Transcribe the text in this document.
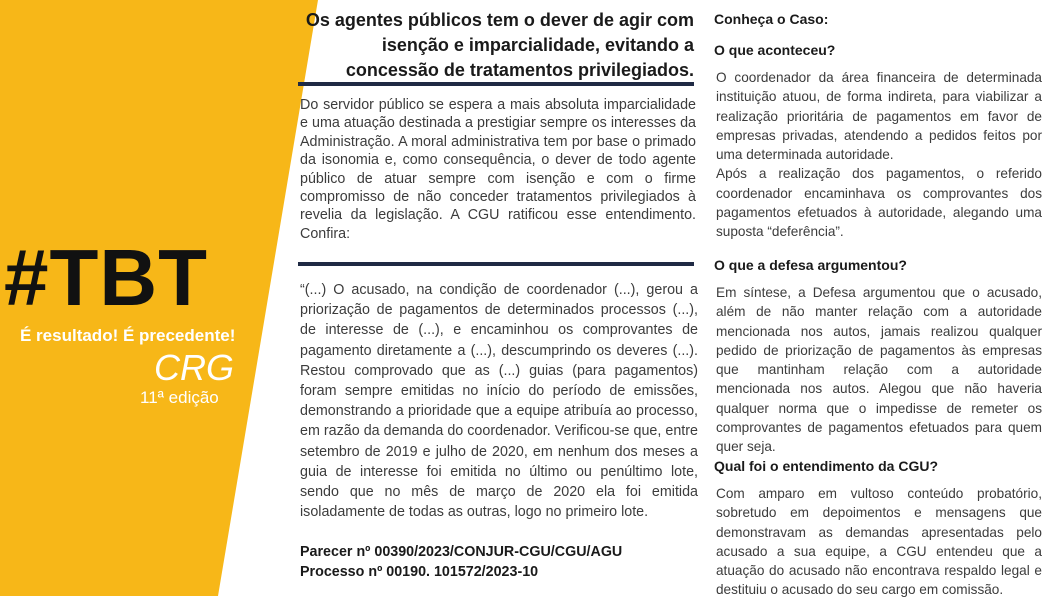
#TBT

É resultado! É precedente!

CRG

11ª edição

Os agentes públicos tem o dever de agir com isenção e imparcialidade, evitando a concessão de tratamentos privilegiados.

Do servidor público se espera a mais absoluta imparcialidade e uma atuação destinada a prestigiar sempre os interesses da Administração. A moral administrativa tem por base o primado da isonomia e, como consequência, o dever de todo agente público de atuar sempre com isenção e com o firme compromisso de não conceder tratamentos privilegiados à revelia da legislação. A CGU ratificou esse entendimento. Confira:

“(...) O acusado, na condição de coordenador (...), gerou a priorização de pagamentos de determinados processos (...), de interesse de (...), e encaminhou os comprovantes de pagamento diretamente a (...), descumprindo os deveres (...). Restou comprovado que as (...) guias (para pagamentos) foram sempre emitidas no início do período de emissões, demonstrando a prioridade que a equipe atribuía ao processo, em razão da demanda do coordenador. Verificou-se que, entre setembro de 2019 e julho de 2020, em nenhum dos meses a guia de interesse foi emitida no último ou penúltimo lote, sendo que no mês de março de 2020 ela foi emitida isoladamente de todas as outras, logo no primeiro lote.

Parecer nº 00390/2023/CONJUR-CGU/CGU/AGU

Processo nº 00190. 101572/2023-10

Conheça o Caso:

O que aconteceu?

O coordenador da área financeira de determinada instituição atuou, de forma indireta, para viabilizar a realização prioritária de pagamentos em favor de empresas privadas, atendendo a pedidos feitos por uma determinada autoridade.

Após a realização dos pagamentos, o referido coordenador encaminhava os comprovantes dos pagamentos efetuados à autoridade, alegando uma suposta “deferência”.

O que a defesa argumentou?

Em síntese, a Defesa argumentou que o acusado, além de não manter relação com a autoridade mencionada nos autos, jamais realizou qualquer pedido de priorização de pagamentos às empresas que mantinham relação com a autoridade mencionada nos autos. Alegou que não haveria qualquer norma que o impedisse de remeter os comprovantes de pagamentos efetuados para quem quer seja.

Qual foi o entendimento da CGU?

Com amparo em vultoso conteúdo probatório, sobretudo em depoimentos e mensagens que demonstravam as demandas apresentadas pelo acusado a sua equipe, a CGU entendeu que a atuação do acusado não encontrava respaldo legal e destituiu o acusado do seu cargo em comissão.
